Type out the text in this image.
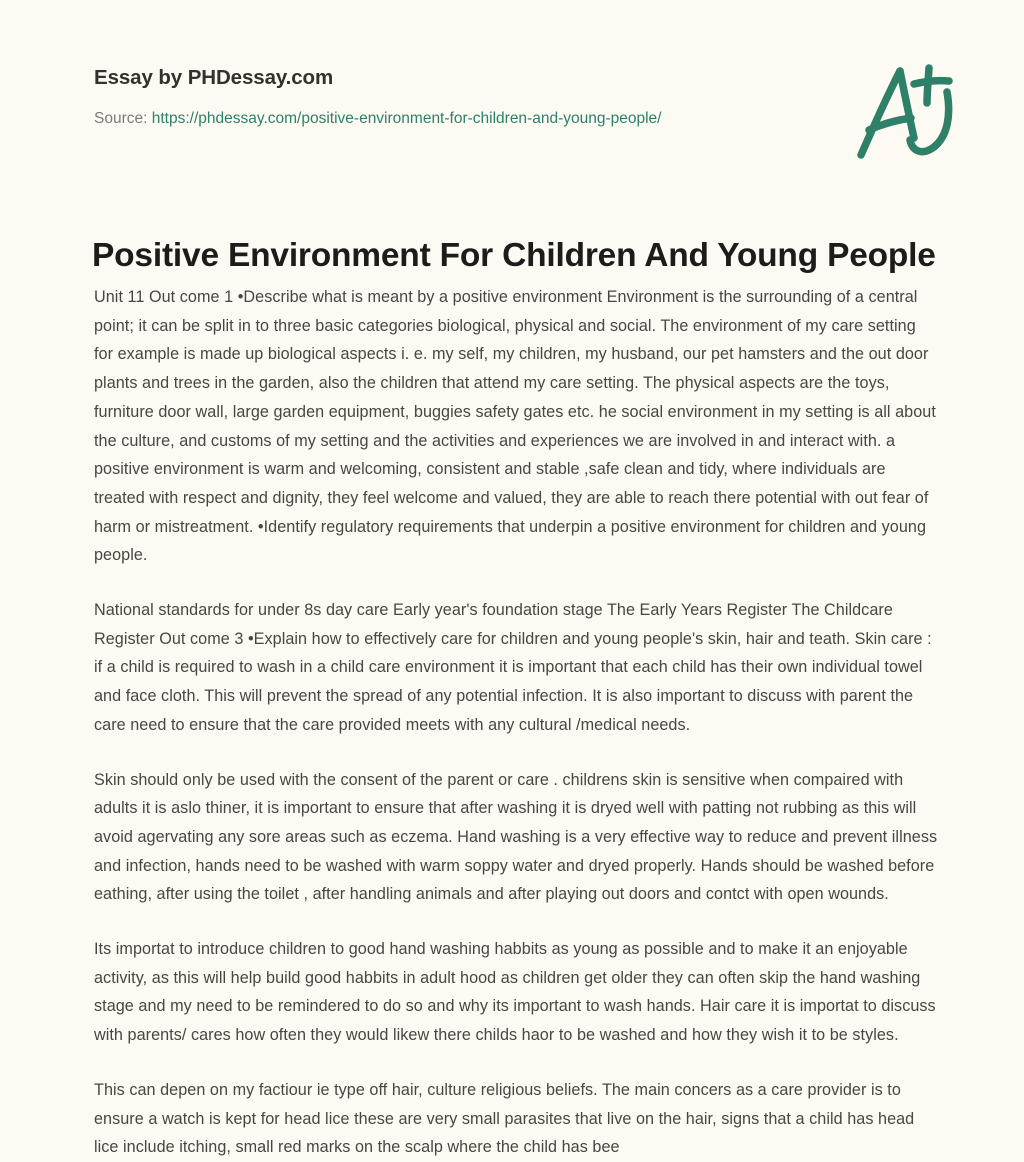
Essay by PHDessay.com
Source: https://phdessay.com/positive-environment-for-children-and-young-people/
Positive Environment For Children And Young People

Unit 11 Out come 1 •Describe what is meant by a positive environment Environment is the surrounding of a central point; it can be split in to three basic categories biological, physical and social. The environment of my care setting for example is made up biological aspects i. e. my self, my children, my husband, our pet hamsters and the out door plants and trees in the garden, also the children that attend my care setting. The physical aspects are the toys, furniture door wall, large garden equipment, buggies safety gates etc. he social environment in my setting is all about the culture, and customs of my setting and the activities and experiences we are involved in and interact with. a positive environment is warm and welcoming, consistent and stable ,safe clean and tidy, where individuals are treated with respect and dignity, they feel welcome and valued, they are able to reach there potential with out fear of harm or mistreatment. •Identify regulatory requirements that underpin a positive environment for children and young people.

National standards for under 8s day care Early year's foundation stage The Early Years Register The Childcare Register Out come 3 •Explain how to effectively care for children and young people's skin, hair and teath. Skin care : if a child is required to wash in a child care environment it is important that each child has their own individual towel and face cloth. This will prevent the spread of any potential infection. It is also important to discuss with parent the care need to ensure that the care provided meets with any cultural /medical needs.

Skin should only be used with the consent of the parent or care . childrens skin is sensitive when compaired with adults it is aslo thiner, it is important to ensure that after washing it is dryed well with patting not rubbing as this will avoid agervating any sore areas such as eczema. Hand washing is a very effective way to reduce and prevent illness and infection, hands need to be washed with warm soppy water and dryed properly. Hands should be washed before eathing, after using the toilet , after handling animals and after playing out doors and contct with open wounds.

Its importat to introduce children to good hand washing habbits as young as possible and to make it an enjoyable activity, as this will help build good habbits in adult hood as children get older they can often skip the hand washing stage and my need to be remindered to do so and why its important to wash hands. Hair care it is importat to discuss with parents/ cares how often they would likew there childs haor to be washed and how they wish it to be styles.

This can depen on my factiour ie type off hair, culture religious beliefs. The main concers as a care provider is to ensure a watch is kept for head lice these are very small parasites that live on the hair, signs that a child has head lice include itching, small red marks on the scalp where the child has bee
